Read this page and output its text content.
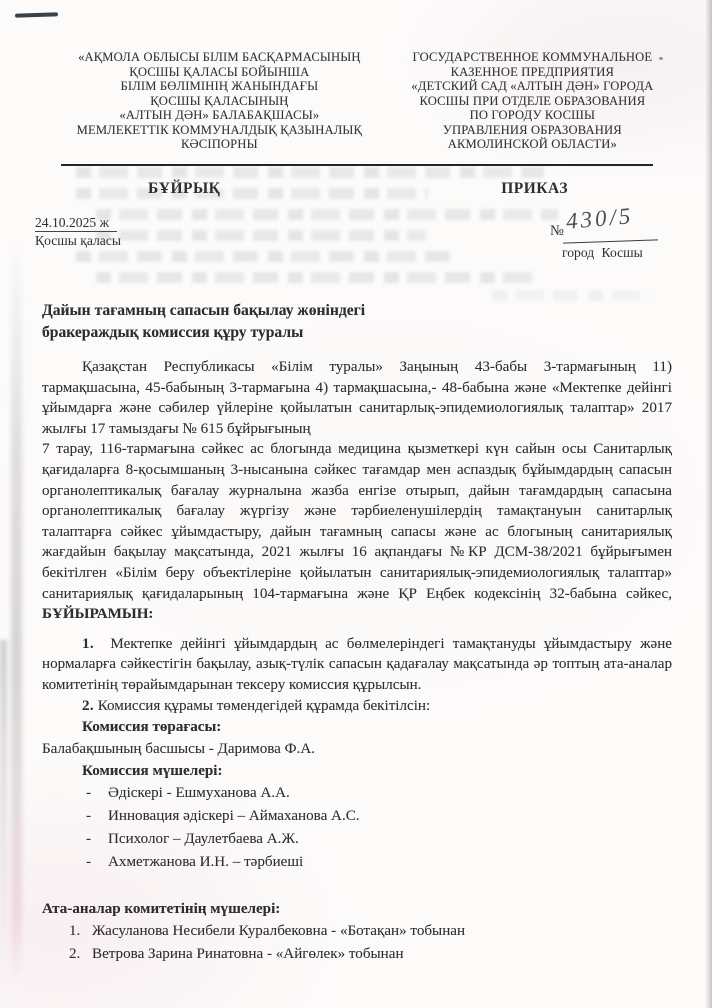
«АҚМОЛА ОБЛЫСЫ БІЛІМ БАСҚАРМАСЫНЫҢ
ҚОСШЫ ҚАЛАСЫ БОЙЫНША
БІЛІМ БӨЛІМІНІҢ ЖАНЫНДАҒЫ
ҚОСШЫ ҚАЛАСЫНЫҢ
«АЛТЫН ДӘН» БАЛАБАҚШАСЫ»
МЕМЛЕКЕТТІК КОММУНАЛДЫҚ ҚАЗЫНАЛЫҚ
КӘСІПОРНЫ
ГОСУДАРСТВЕННОЕ КОММУНАЛЬНОЕ
КАЗЕННОЕ ПРЕДПРИЯТИЯ
«ДЕТСКИЙ САД «АЛТЫН ДӘН» ГОРОДА
КОСШЫ ПРИ ОТДЕЛЕ ОБРАЗОВАНИЯ
ПО ГОРОДУ КОСШЫ
УПРАВЛЕНИЯ ОБРАЗОВАНИЯ
АКМОЛИНСКОЙ ОБЛАСТИ»
БҰЙРЫҚ	ПРИКАЗ
24.10.2025 ж
Қосшы қаласы
№ 430/5
город Косшы
Дайын тағамның сапасын бақылау жөніндегі
бракераждық комиссия құру туралы

Қазақстан Республикасы «Білім туралы» Заңының 43-бабы 3-тармағының 11) тармақшасына, 45-бабының 3-тармағына 4) тармақшасына,- 48-бабына және «Мектепке дейінгі ұйымдарға және сәбилер үйлеріне қойылатын санитарлық-эпидемиологиялық талаптар» 2017 жылғы 17 тамыздағы № 615 бұйрығының

7 тарау, 116-тармағына сәйкес ас блогында медицина қызметкері күн сайын осы Санитарлық қағидаларға 8-қосымшаның 3-нысанына сәйкес тағамдар мен аспаздық бұйымдардың сапасын органолептикалық бағалау журналына жазба енгізе отырып, дайын тағамдардың сапасына органолептикалық бағалау жүргізу және тәрбиеленушілердің тамақтануын санитарлық талаптарға сәйкес ұйымдастыру, дайын тағамның сапасы және ас блогының санитариялық жағдайын бақылау мақсатында, 2021 жылғы 16 ақпандағы №КР ДСМ-38/2021 бұйрығымен бекітілген «Білім беру объектілеріне қойылатын санитариялық-эпидемиологиялық талаптар» санитариялық қағидаларының 104-тармағына және ҚР Еңбек кодексінің 32-бабына сәйкес, БҰЙЫРАМЫН:

1. Мектепке дейінгі ұйымдардың ас бөлмелеріндегі тамақтануды ұйымдастыру және нормаларға сәйкестігін бақылау, азық-түлік сапасын қадағалау мақсатында әр топтың ата-аналар комитетінің төрайымдарынан тексеру комиссия құрылсын.

2. Комиссия құрамы төмендегідей құрамда бекітілсін:

Комиссия төрағасы:

Балабақшының басшысы - Даримова Ф.А.

Комиссия мүшелері:

-	Әдіскері - Ешмуханова А.А.
-	Инновация әдіскері – Аймаханова А.С.
-	Психолог – Даулетбаева А.Ж.
-	Ахметжанова И.Н. – тәрбиеші

Ата-аналар комитетінің мүшелері:

1. Жасуланова Несибели Куралбековна - «Ботақан» тобынан
2. Ветрова Зарина Ринатовна - «Айгөлек» тобынан
